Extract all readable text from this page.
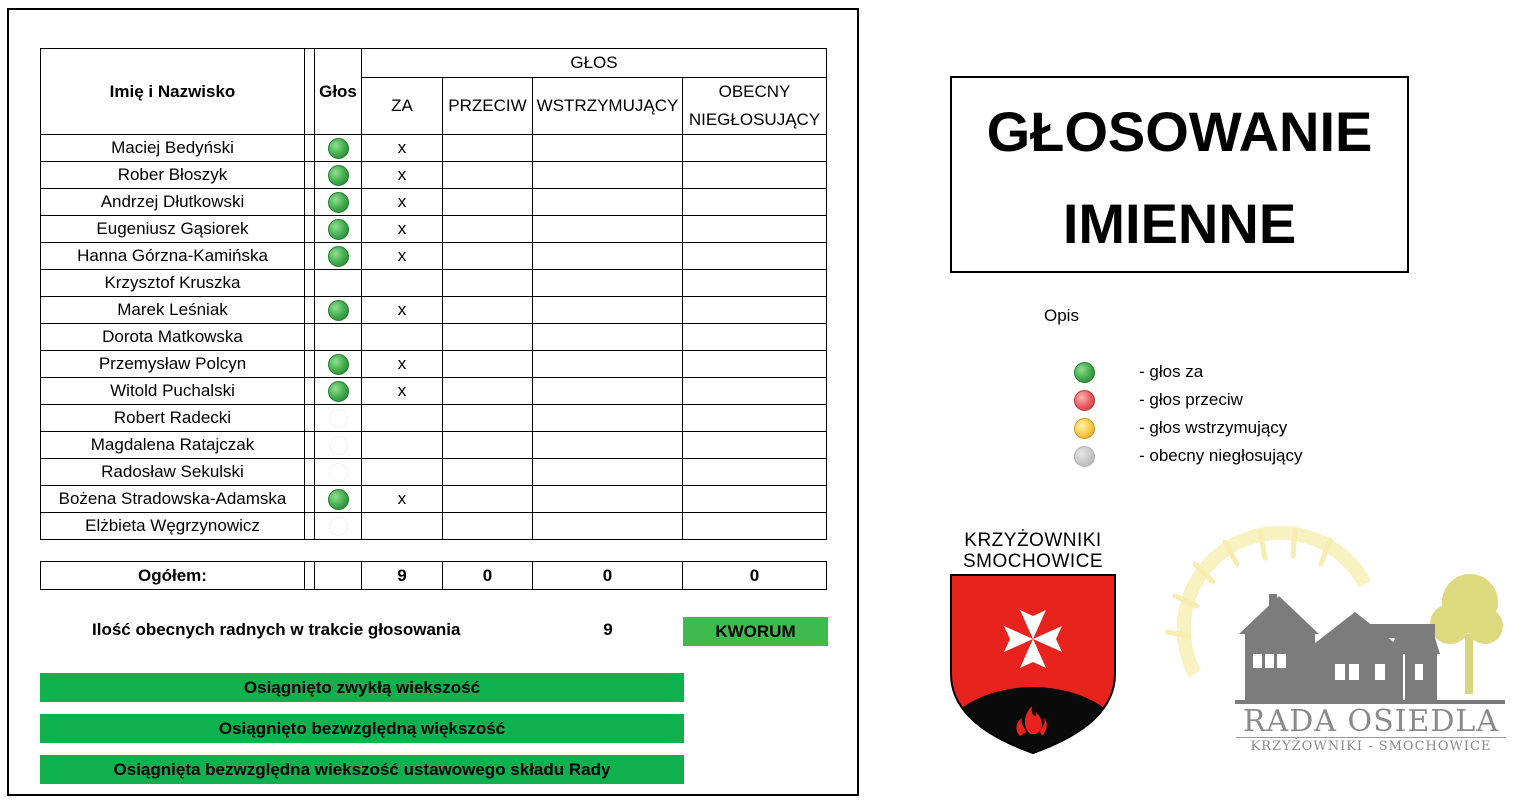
Imię i Nazwisko		Głos	GŁOS			
			ZA	PRZECIW	WSTRZYMUJĄCY	OBECNY
NIEGŁOSUJĄCY

Maciej Bedyński			x			
Rober Błoszyk			x			
Andrzej Dłutkowski			x			
Eugeniusz Gąsiorek			x			
Hanna Górzna-Kamińska			x			
Krzysztof Kruszka						
Marek Leśniak			x			
Dorota Matkowska						
Przemysław Polcyn			x			
Witold Puchalski			x			
Robert Radecki						
Magdalena Ratajczak						
Radosław Sekulski						
Bożena Stradowska-Adamska			x			
Elżbieta Węgrzynowicz						
Ogółem:			9	0	0	0
Ilość obecnych radnych w trakcie głosowania	9	KWORUM
Osiągnięto zwykłą wiekszość
Osiągnięto bezwzględną większość
Osiągnięta bezwzględna wiekszość ustawowego składu Rady
GŁOSOWANIE
IMIENNE
Opis
- głos za
- głos przeciw
- głos wstrzymujący
- obecny niegłosujący
KRZYŻOWNIKI
SMOCHOWICE
RADA OSIEDLA
KRZYŻOWNIKI - SMOCHOWICE
